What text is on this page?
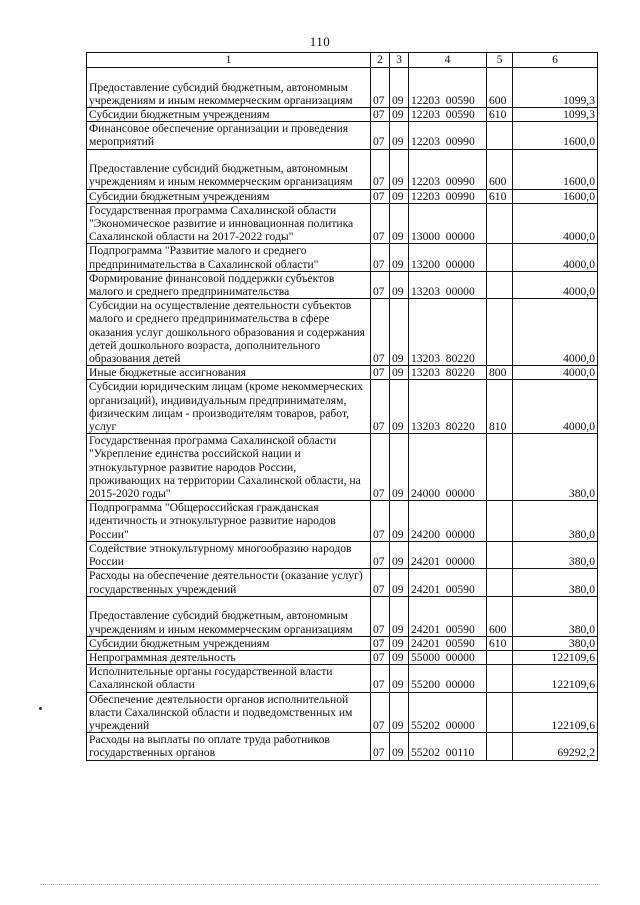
110
1	2	3	4	5	6
Предоставление субсидий бюджетным, автономным учреждениям и иным некоммерческим организациям	07	09	12203  00590	600	1099,3
Субсидии бюджетным учреждениям	07	09	12203  00590	610	1099,3
Финансовое обеспечение организации и проведения мероприятий	07	09	12203  00990		1600,0
Предоставление субсидий бюджетным, автономным учреждениям и иным некоммерческим организациям	07	09	12203  00990	600	1600,0
Субсидии бюджетным учреждениям	07	09	12203  00990	610	1600,0
Государственная программа Сахалинской области "Экономическое развитие и инновационная политика Сахалинской области на 2017-2022 годы"	07	09	13000  00000		4000,0
Подпрограмма "Развитие малого и среднего предпринимательства в Сахалинской области"	07	09	13200  00000		4000,0
Формирование финансовой поддержки субъектов малого и среднего предпринимательства	07	09	13203  00000		4000,0
Субсидии на осуществление деятельности субъектов малого и среднего предпринимательства в сфере оказания услуг дошкольного образования и содержания детей дошкольного возраста, дополнительного образования детей	07	09	13203  80220		4000,0
Иные бюджетные ассигнования	07	09	13203  80220	800	4000,0
Субсидии юридическим лицам (кроме некоммерческих организаций), индивидуальным предпринимателям, физическим лицам - производителям товаров, работ, услуг	07	09	13203  80220	810	4000,0
Государственная программа Сахалинской области "Укрепление единства российской нации и этнокультурное развитие народов России, проживающих на территории Сахалинской области, на 2015-2020 годы"	07	09	24000  00000		380,0
Подпрограмма "Общероссийская гражданская идентичность и этнокультурное развитие народов России"	07	09	24200  00000		380,0
Содействие этнокультурному многообразию народов России	07	09	24201  00000		380,0
Расходы на обеспечение деятельности (оказание услуг) государственных учреждений	07	09	24201  00590		380,0
Предоставление субсидий бюджетным, автономным учреждениям и иным некоммерческим организациям	07	09	24201  00590	600	380,0
Субсидии бюджетным учреждениям	07	09	24201  00590	610	380,0
Непрограммная деятельность	07	09	55000  00000		122109,6
Исполнительные органы государственной власти Сахалинской области	07	09	55200  00000		122109,6
Обеспечение деятельности органов исполнительной власти Сахалинской области и подведомственных им учреждений	07	09	55202  00000		122109,6
Расходы на выплаты по оплате труда работников государственных органов	07	09	55202  00110		69292,2
